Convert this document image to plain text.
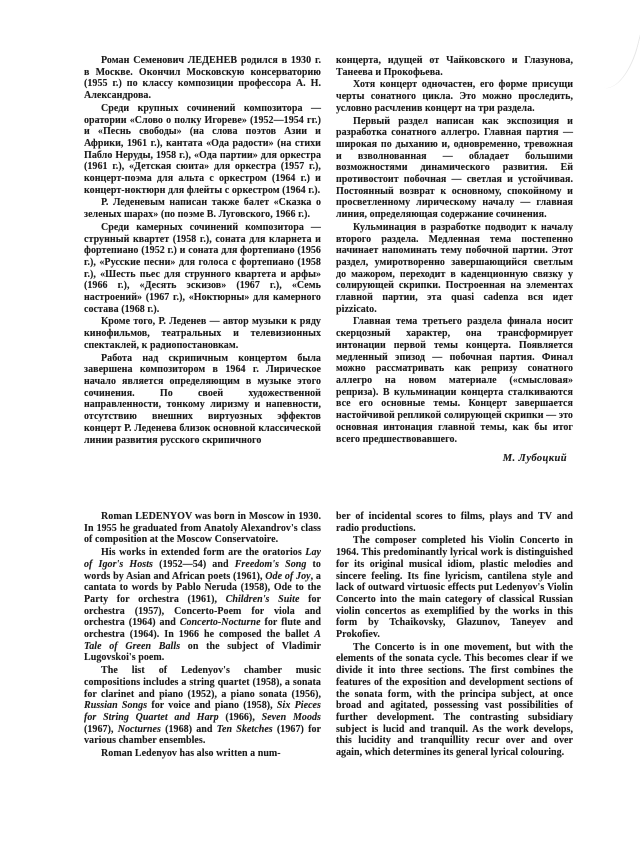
Роман Семенович ЛЕДЕНЕВ родился в 1930 г. в Москве. Окончил Московскую консерваторию (1955 г.) по классу композиции профессора А. Н. Александрова.

Среди крупных сочинений композитора — оратории «Слово о полку Игореве» (1952—1954 гг.) и «Песнь свободы» (на слова поэтов Азии и Африки, 1961 г.), кантата «Ода радости» (на стихи Пабло Неруды, 1958 г.), «Ода партии» для оркестра (1961 г.), «Детская сюита» для оркестра (1957 г.), концерт-поэма для альта с оркестром (1964 г.) и концерт-ноктюрн для флейты с оркестром (1964 г.).

Р. Леденевым написан также балет «Сказка о зеленых шарах» (по поэме В. Луговского, 1966 г.).

Среди камерных сочинений композитора — струнный квартет (1958 г.), соната для кларнета и фортепиано (1952 г.) и соната для фортепиано (1956 г.), «Русские песни» для голоса с фортепиано (1958 г.), «Шесть пьес для струнного квартета и арфы» (1966 г.), «Десять эскизов» (1967 г.), «Семь настроений» (1967 г.), «Ноктюрны» для камерного состава (1968 г.).

Кроме того, Р. Леденев — автор музыки к ряду кинофильмов, театральных и телевизионных спектаклей, к радиопостановкам.

Работа над скрипичным концертом была завершена композитором в 1964 г. Лирическое начало является определяющим в музыке этого сочинения. По своей художественной направленности, тонкому лиризму и напевности, отсутствию внешних виртуозных эффектов концерт Р. Леденева близок основной классической линии развития русского скрипичного

концерта, идущей от Чайковского и Глазунова, Танеева и Прокофьева.

Хотя концерт одночастен, его форме присущи черты сонатного цикла. Это можно проследить, условно расчленив концерт на три раздела.

Первый раздел написан как экспозиция и разработка сонатного аллегро. Главная партия — широкая по дыханию и, одновременно, тревожная и взволнованная — обладает большими возможностями динамического развития. Ей противостоит побочная — светлая и устойчивая. Постоянный возврат к основному, спокойному и просветленному лирическому началу — главная линия, определяющая содержание сочинения.

Кульминация в разработке подводит к началу второго раздела. Медленная тема постепенно начинает напоминать тему побочной партии. Этот раздел, умиротворенно завершающийся светлым до мажором, переходит в каденционную связку у солирующей скрипки. Построенная на элементах главной партии, эта quasi cadenza вся идет pizzicato.

Главная тема третьего раздела финала носит скерцозный характер, она трансформирует интонации первой темы концерта. Появляется медленный эпизод — побочная партия. Финал можно рассматривать как репризу сонатного аллегро на новом материале («смысловая» реприза). В кульминации концерта сталкиваются все его основные темы. Концерт завершается настойчивой репликой солирующей скрипки — это основная интонация главной темы, как бы итог всего предшествовавшего.

М. Лубоцкий

Roman LEDENYOV was born in Moscow in 1930. In 1955 he graduated from Anatoly Alexandrov's class of composition at the Moscow Conservatoire.

His works in extended form are the oratorios Lay of Igor's Hosts (1952—54) and Freedom's Song to words by Asian and African poets (1961), Ode of Joy, a cantata to words by Pablo Neruda (1958), Ode to the Party for orchestra (1961), Children's Suite for orchestra (1957), Concerto-Poem for viola and orchestra (1964) and Concerto-Nocturne for flute and orchestra (1964). In 1966 he composed the ballet A Tale of Green Balls on the subject of Vladimir Lugovskoi's poem.

The list of Ledenyov's chamber music compositions includes a string quartet (1958), a sonata for clarinet and piano (1952), a piano sonata (1956), Russian Songs for voice and piano (1958), Six Pieces for String Quartet and Harp (1966), Seven Moods (1967), Nocturnes (1968) and Ten Sketches (1967) for various chamber ensembles.

Roman Ledenyov has also written a num-

ber of incidental scores to films, plays and TV and radio productions.

The composer completed his Violin Concerto in 1964. This predominantly lyrical work is distinguished for its original musical idiom, plastic melodies and sincere feeling. Its fine lyricism, cantilena style and lack of outward virtuosic effects put Ledenyov's Violin Concerto into the main category of classical Russian violin concertos as exemplified by the works in this form by Tchaikovsky, Glazunov, Taneyev and Prokofiev.

The Concerto is in one movement, but with the elements of the sonata cycle. This becomes clear if we divide it into three sections. The first combines the features of the exposition and development sections of the sonata form, with the principa subject, at once broad and agitated, possessing vast possibilities of further development. The contrasting subsidiary subject is lucid and tranquil. As the work develops, this lucidity and tranquillity recur over and over again, which determines its general lyrical colouring.
